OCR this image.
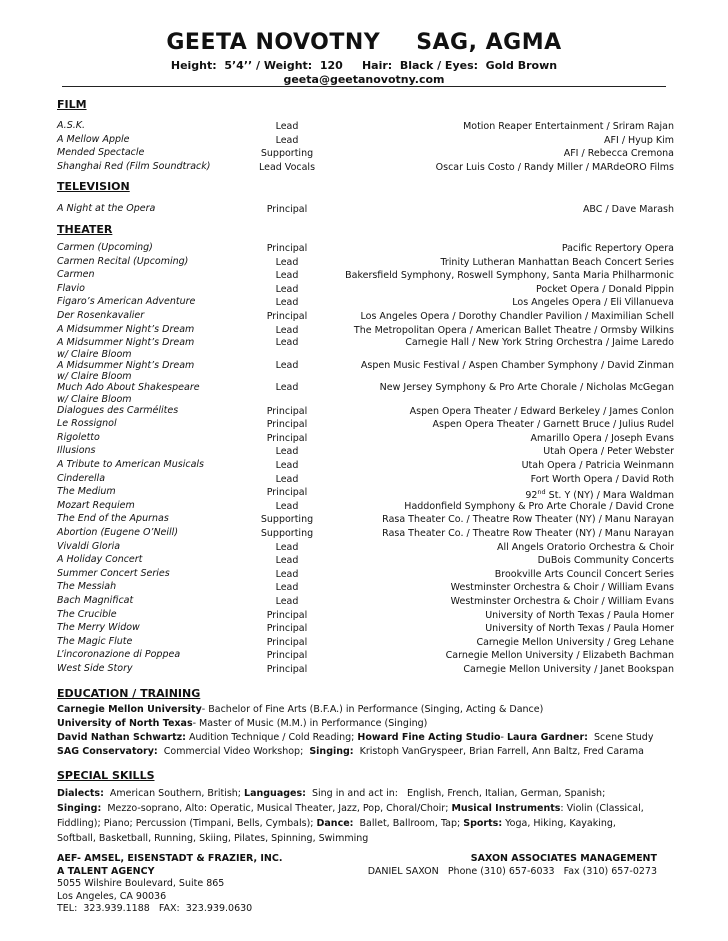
GEETA NOVOTNY SAG, AGMA
Height:  5’4’’ / Weight:  120     Hair:  Black / Eyes:  Gold Brown
geeta@geetanovotny.com
FILM
A.S.K.	Lead	Motion Reaper Entertainment / Sriram Rajan
A Mellow Apple	Lead	AFI / Hyup Kim
Mended Spectacle	Supporting	AFI / Rebecca Cremona
Shanghai Red (Film Soundtrack)	Lead Vocals	Oscar Luis Costo / Randy Miller / MARdeORO Films
TELEVISION
A Night at the Opera	Principal	ABC / Dave Marash
THEATER
Carmen (Upcoming)	Principal	Pacific Repertory Opera
Carmen Recital (Upcoming)	Lead	Trinity Lutheran Manhattan Beach Concert Series
Carmen	Lead	Bakersfield Symphony, Roswell Symphony, Santa Maria Philharmonic
Flavio	Lead	Pocket Opera / Donald Pippin
Figaro’s American Adventure	Lead	Los Angeles Opera / Eli Villanueva
Der Rosenkavalier	Principal	Los Angeles Opera / Dorothy Chandler Pavilion / Maximilian Schell
A Midsummer Night’s Dream	Lead	The Metropolitan Opera / American Ballet Theatre / Ormsby Wilkins
A Midsummer Night’s Dream
w/ Claire Bloom
Lead	Carnegie Hall / New York String Orchestra / Jaime Laredo
A Midsummer Night’s Dream
w/ Claire Bloom
Lead	Aspen Music Festival / Aspen Chamber Symphony / David Zinman
Much Ado About Shakespeare
w/ Claire Bloom
Lead	New Jersey Symphony & Pro Arte Chorale / Nicholas McGegan
Dialogues des Carmélites	Principal	Aspen Opera Theater / Edward Berkeley / James Conlon
Le Rossignol	Principal	Aspen Opera Theater / Garnett Bruce / Julius Rudel
Rigoletto	Principal	Amarillo Opera / Joseph Evans
Illusions	Lead	Utah Opera / Peter Webster
A Tribute to American Musicals	Lead	Utah Opera / Patricia Weinmann
Cinderella	Lead	Fort Worth Opera / David Roth
The Medium	Principal	92nd St. Y (NY) / Mara Waldman
Mozart Requiem	Lead	Haddonfield Symphony & Pro Arte Chorale / David Crone
The End of the Apurnas	Supporting	Rasa Theater Co. / Theatre Row Theater (NY) / Manu Narayan
Abortion (Eugene O’Neill)	Supporting	Rasa Theater Co. / Theatre Row Theater (NY) / Manu Narayan
Vivaldi Gloria	Lead	All Angels Oratorio Orchestra & Choir
A Holiday Concert	Lead	DuBois Community Concerts
Summer Concert Series	Lead	Brookville Arts Council Concert Series
The Messiah	Lead	Westminster Orchestra & Choir / William Evans
Bach Magnificat	Lead	Westminster Orchestra & Choir / William Evans
The Crucible	Principal	University of North Texas / Paula Homer
The Merry Widow	Principal	University of North Texas / Paula Homer
The Magic Flute	Principal	Carnegie Mellon University / Greg Lehane
L’incoronazione di Poppea	Principal	Carnegie Mellon University / Elizabeth Bachman
West Side Story	Principal	Carnegie Mellon University / Janet Bookspan
EDUCATION / TRAINING
Carnegie Mellon University- Bachelor of Fine Arts (B.F.A.) in Performance (Singing, Acting & Dance)
University of North Texas- Master of Music (M.M.) in Performance (Singing)
David Nathan Schwartz: Audition Technique / Cold Reading; Howard Fine Acting Studio- Laura Gardner:  Scene Study
SAG Conservatory:  Commercial Video Workshop;  Singing:  Kristoph VanGryspeer, Brian Farrell, Ann Baltz, Fred Carama
SPECIAL SKILLS
Dialects:  American Southern, British; Languages:  Sing in and act in:   English, French, Italian, German, Spanish;
Singing:  Mezzo-soprano, Alto: Operatic, Musical Theater, Jazz, Pop, Choral/Choir; Musical Instruments: Violin (Classical,
Fiddling); Piano; Percussion (Timpani, Bells, Cymbals); Dance:  Ballet, Ballroom, Tap; Sports: Yoga, Hiking, Kayaking,
Softball, Basketball, Running, Skiing, Pilates, Spinning, Swimming
AEF- AMSEL, EISENSTADT & FRAZIER, INC.
A TALENT AGENCY
5055 Wilshire Boulevard, Suite 865
Los Angeles, CA 90036
TEL:  323.939.1188   FAX:  323.939.0630
SAXON ASSOCIATES MANAGEMENT
DANIEL SAXON   Phone (310) 657-6033   Fax (310) 657-0273
